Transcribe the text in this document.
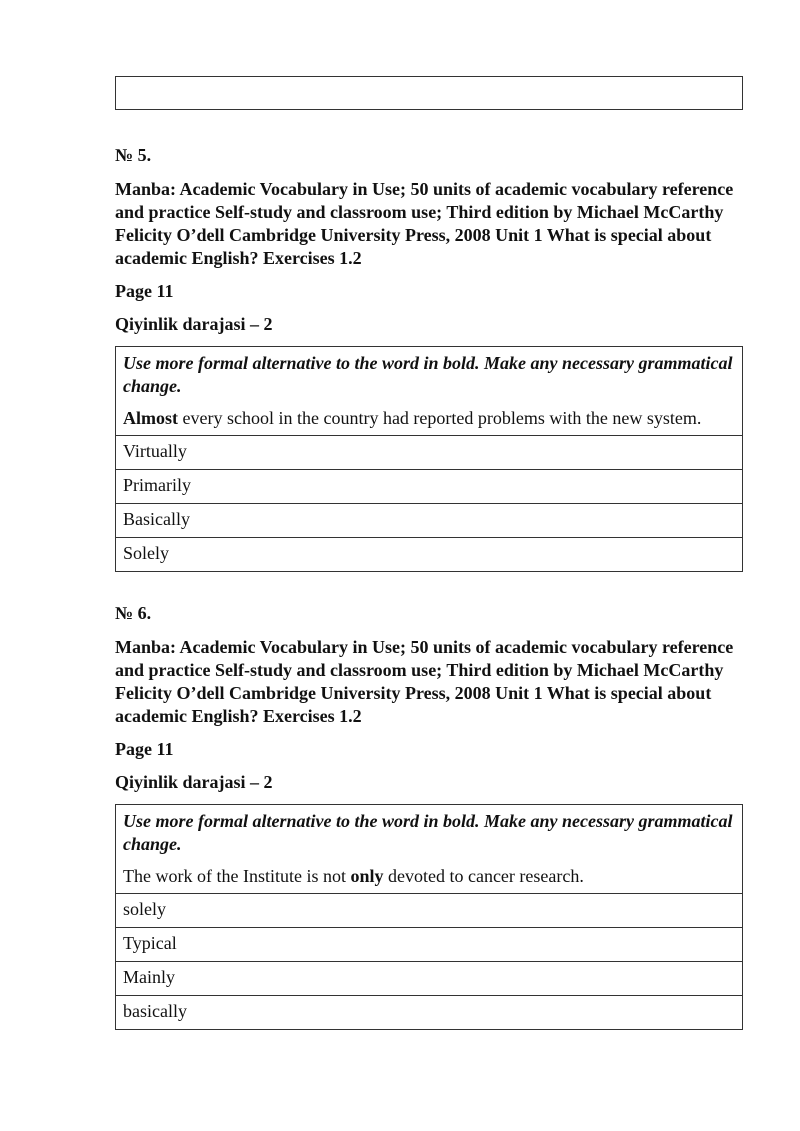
№ 5.

Manba: Academic Vocabulary in Use; 50 units of academic vocabulary reference and practice Self-study and classroom use; Third edition by Michael McCarthy Felicity O’dell Cambridge University Press, 2008 Unit 1 What is special about academic English? Exercises 1.2

Page 11

Qiyinlik darajasi – 2

Use more formal alternative to the word in bold. Make any necessary grammatical change.

Almost every school in the country had reported problems with the new system.

Virtually
Primarily
Basically
Solely

№ 6.

Manba: Academic Vocabulary in Use; 50 units of academic vocabulary reference and practice Self-study and classroom use; Third edition by Michael McCarthy Felicity O’dell Cambridge University Press, 2008 Unit 1 What is special about academic English? Exercises 1.2

Page 11

Qiyinlik darajasi – 2

Use more formal alternative to the word in bold. Make any necessary grammatical change.

The work of the Institute is not only devoted to cancer research.

solely
Typical
Mainly
basically
